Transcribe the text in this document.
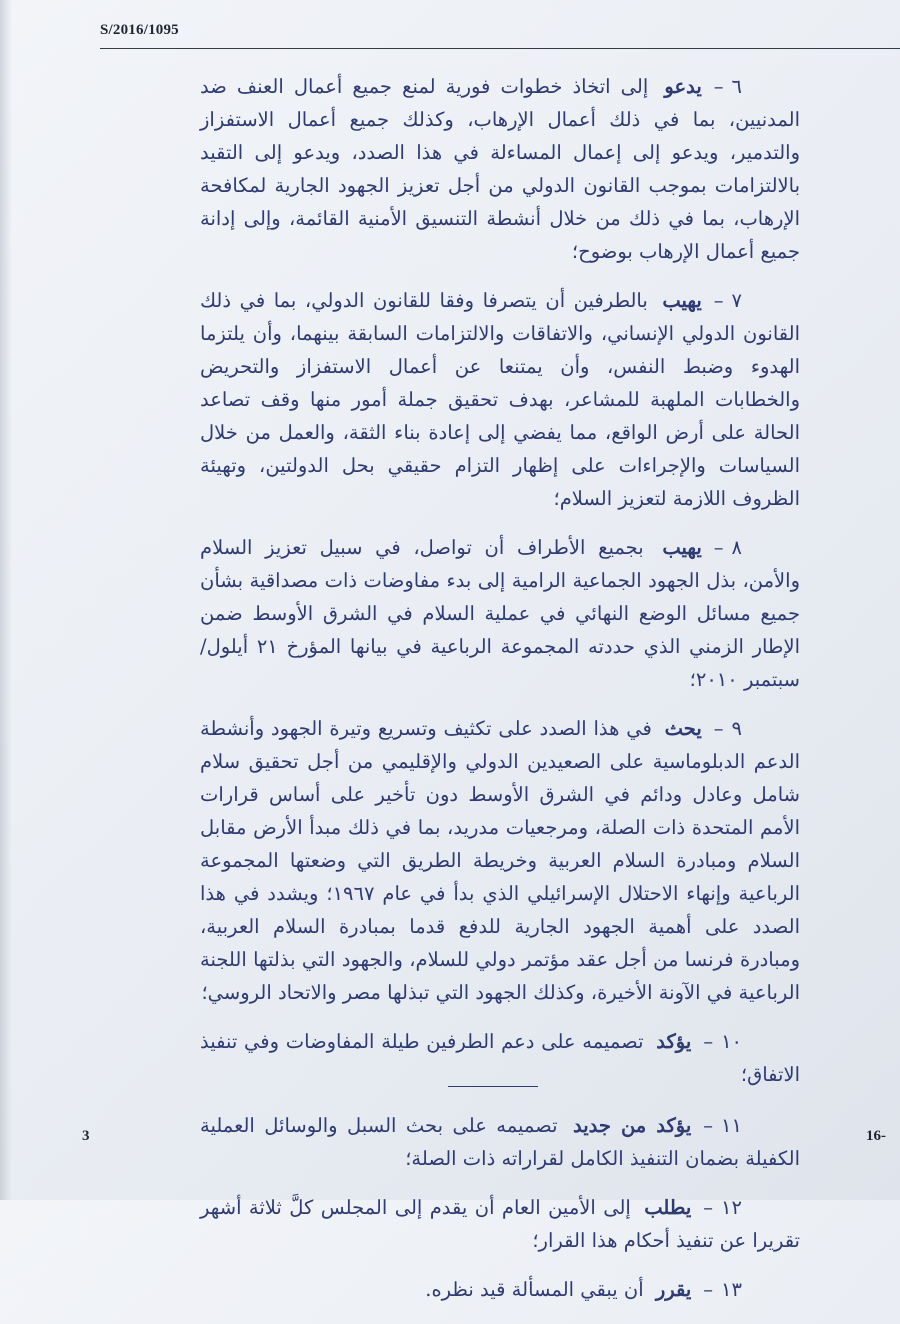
S/2016/1095

٦–يدعو إلى اتخاذ خطوات فورية لمنع جميع أعمال العنف ضد المدنيين، بما في ذلك أعمال الإرهاب، وكذلك جميع أعمال الاستفزاز والتدمير، ويدعو إلى إعمال المساءلة في هذا الصدد، ويدعو إلى التقيد بالالتزامات بموجب القانون الدولي من أجل تعزيز الجهود الجارية لمكافحة الإرهاب، بما في ذلك من خلال أنشطة التنسيق الأمنية القائمة، وإلى إدانة جميع أعمال الإرهاب بوضوح؛

٧–يهيب بالطرفين أن يتصرفا وفقا للقانون الدولي، بما في ذلك القانون الدولي الإنساني، والاتفاقات والالتزامات السابقة بينهما، وأن يلتزما الهدوء وضبط النفس، وأن يمتنعا عن أعمال الاستفزاز والتحريض والخطابات الملهبة للمشاعر، بهدف تحقيق جملة أمور منها وقف تصاعد الحالة على أرض الواقع، مما يفضي إلى إعادة بناء الثقة، والعمل من خلال السياسات والإجراءات على إظهار التزام حقيقي بحل الدولتين، وتهيئة الظروف اللازمة لتعزيز السلام؛

٨–يهيب بجميع الأطراف أن تواصل، في سبيل تعزيز السلام والأمن، بذل الجهود الجماعية الرامية إلى بدء مفاوضات ذات مصداقية بشأن جميع مسائل الوضع النهائي في عملية السلام في الشرق الأوسط ضمن الإطار الزمني الذي حددته المجموعة الرباعية في بيانها المؤرخ ٢١ أيلول/سبتمبر ٢٠١٠؛

٩–يحث في هذا الصدد على تكثيف وتسريع وتيرة الجهود وأنشطة الدعم الدبلوماسية على الصعيدين الدولي والإقليمي من أجل تحقيق سلام شامل وعادل ودائم في الشرق الأوسط دون تأخير على أساس قرارات الأمم المتحدة ذات الصلة، ومرجعيات مدريد، بما في ذلك مبدأ الأرض مقابل السلام ومبادرة السلام العربية وخريطة الطريق التي وضعتها المجموعة الرباعية وإنهاء الاحتلال الإسرائيلي الذي بدأ في عام ١٩٦٧؛ ويشدد في هذا الصدد على أهمية الجهود الجارية للدفع قدما بمبادرة السلام العربية، ومبادرة فرنسا من أجل عقد مؤتمر دولي للسلام، والجهود التي بذلتها اللجنة الرباعية في الآونة الأخيرة، وكذلك الجهود التي تبذلها مصر والاتحاد الروسي؛

١٠–يؤكد تصميمه على دعم الطرفين طيلة المفاوضات وفي تنفيذ الاتفاق؛

١١–يؤكد من جديد تصميمه على بحث السبل والوسائل العملية الكفيلة بضمان التنفيذ الكامل لقراراته ذات الصلة؛

١٢–يطلب إلى الأمين العام أن يقدم إلى المجلس كلَّ ثلاثة أشهر تقريرا عن تنفيذ أحكام هذا القرار؛

١٣–يقرر أن يبقي المسألة قيد نظره.

3	16-
